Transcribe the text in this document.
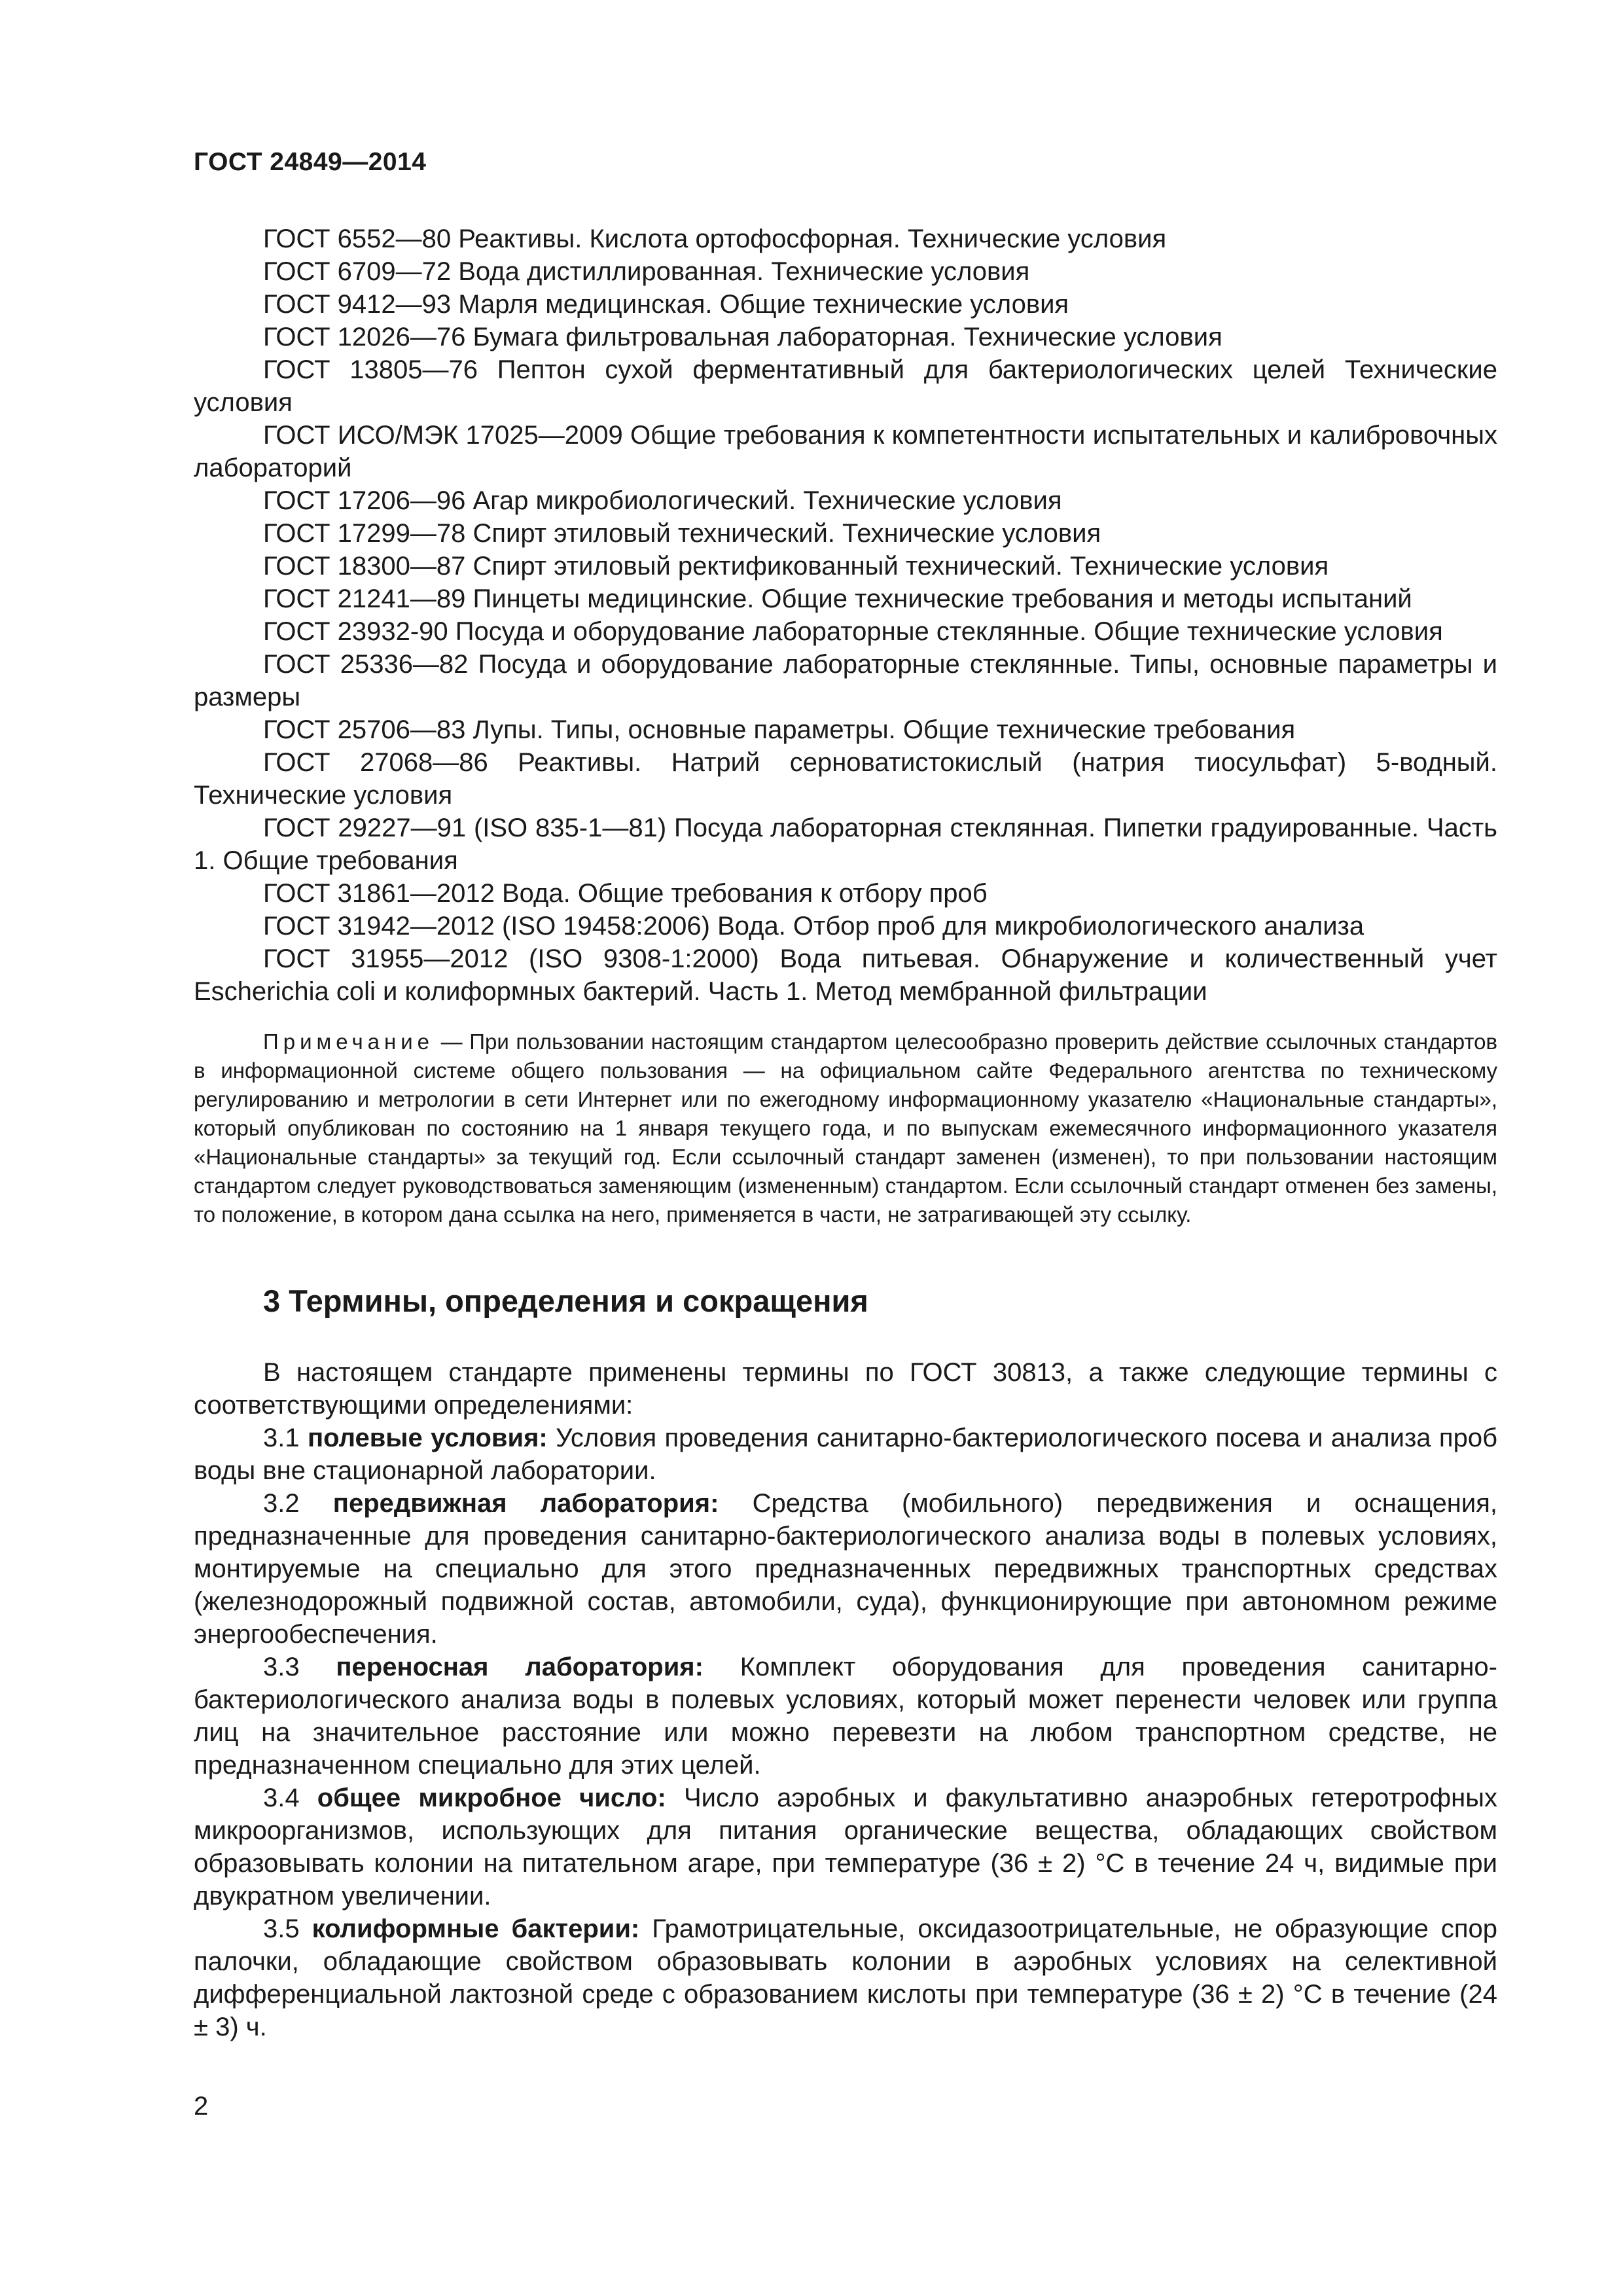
ГОСТ 24849—2014

ГОСТ 6552—80 Реактивы. Кислота ортофосфорная. Технические условия

ГОСТ 6709—72 Вода дистиллированная. Технические условия

ГОСТ 9412—93 Марля медицинская. Общие технические условия

ГОСТ 12026—76 Бумага фильтровальная лабораторная. Технические условия

ГОСТ 13805—76 Пептон сухой ферментативный для бактериологических целей Технические условия

ГОСТ ИСО/МЭК 17025—2009 Общие требования к компетентности испытательных и калибровочных лабораторий

ГОСТ 17206—96 Агар микробиологический. Технические условия

ГОСТ 17299—78 Спирт этиловый технический. Технические условия

ГОСТ 18300—87 Спирт этиловый ректификованный технический. Технические условия

ГОСТ 21241—89 Пинцеты медицинские. Общие технические требования и методы испытаний

ГОСТ 23932-90 Посуда и оборудование лабораторные стеклянные. Общие технические условия

ГОСТ 25336—82 Посуда и оборудование лабораторные стеклянные. Типы, основные параметры и размеры

ГОСТ 25706—83 Лупы. Типы, основные параметры. Общие технические требования

ГОСТ 27068—86 Реактивы. Натрий серноватистокислый (натрия тиосульфат) 5-водный. Технические условия

ГОСТ 29227—91 (ISO 835-1—81) Посуда лабораторная стеклянная. Пипетки градуированные. Часть 1. Общие требования

ГОСТ 31861—2012 Вода. Общие требования к отбору проб

ГОСТ 31942—2012 (ISO 19458:2006) Вода. Отбор проб для микробиологического анализа

ГОСТ 31955—2012 (ISO 9308-1:2000) Вода питьевая. Обнаружение и количественный учет Escherichia coli и колиформных бактерий. Часть 1. Метод мембранной фильтрации

Примечание — При пользовании настоящим стандартом целесообразно проверить действие ссылочных стандартов в информационной системе общего пользования — на официальном сайте Федерального агентства по техническому регулированию и метрологии в сети Интернет или по ежегодному информационному указателю «Национальные стандарты», который опубликован по состоянию на 1 января текущего года, и по выпускам ежемесячного информационного указателя «Национальные стандарты» за текущий год. Если ссылочный стандарт заменен (изменен), то при пользовании настоящим стандартом следует руководствоваться заменяющим (измененным) стандартом. Если ссылочный стандарт отменен без замены, то положение, в котором дана ссылка на него, применяется в части, не затрагивающей эту ссылку.
3 Термины, определения и сокращения

В настоящем стандарте применены термины по ГОСТ 30813, а также следующие термины с соответствующими определениями:

3.1 полевые условия: Условия проведения санитарно-бактериологического посева и анализа проб воды вне стационарной лаборатории.

3.2 передвижная лаборатория: Средства (мобильного) передвижения и оснащения, предназначенные для проведения санитарно-бактериологического анализа воды в полевых условиях, монтируемые на специально для этого предназначенных передвижных транспортных средствах (железнодорожный подвижной состав, автомобили, суда), функционирующие при автономном режиме энергообеспечения.

3.3 переносная лаборатория: Комплект оборудования для проведения санитарно-бактериологического анализа воды в полевых условиях, который может перенести человек или группа лиц на значительное расстояние или можно перевезти на любом транспортном средстве, не предназначенном специально для этих целей.

3.4 общее микробное число: Число аэробных и факультативно анаэробных гетеротрофных микроорганизмов, использующих для питания органические вещества, обладающих свойством образовывать колонии на питательном агаре, при температуре (36 ± 2) °С в течение 24 ч, видимые при двукратном увеличении.

3.5 колиформные бактерии: Грамотрицательные, оксидазоотрицательные, не образующие спор палочки, обладающие свойством образовывать колонии в аэробных условиях на селективной дифференциальной лактозной среде с образованием кислоты при температуре (36 ± 2) °С в течение (24 ± 3) ч.

2
